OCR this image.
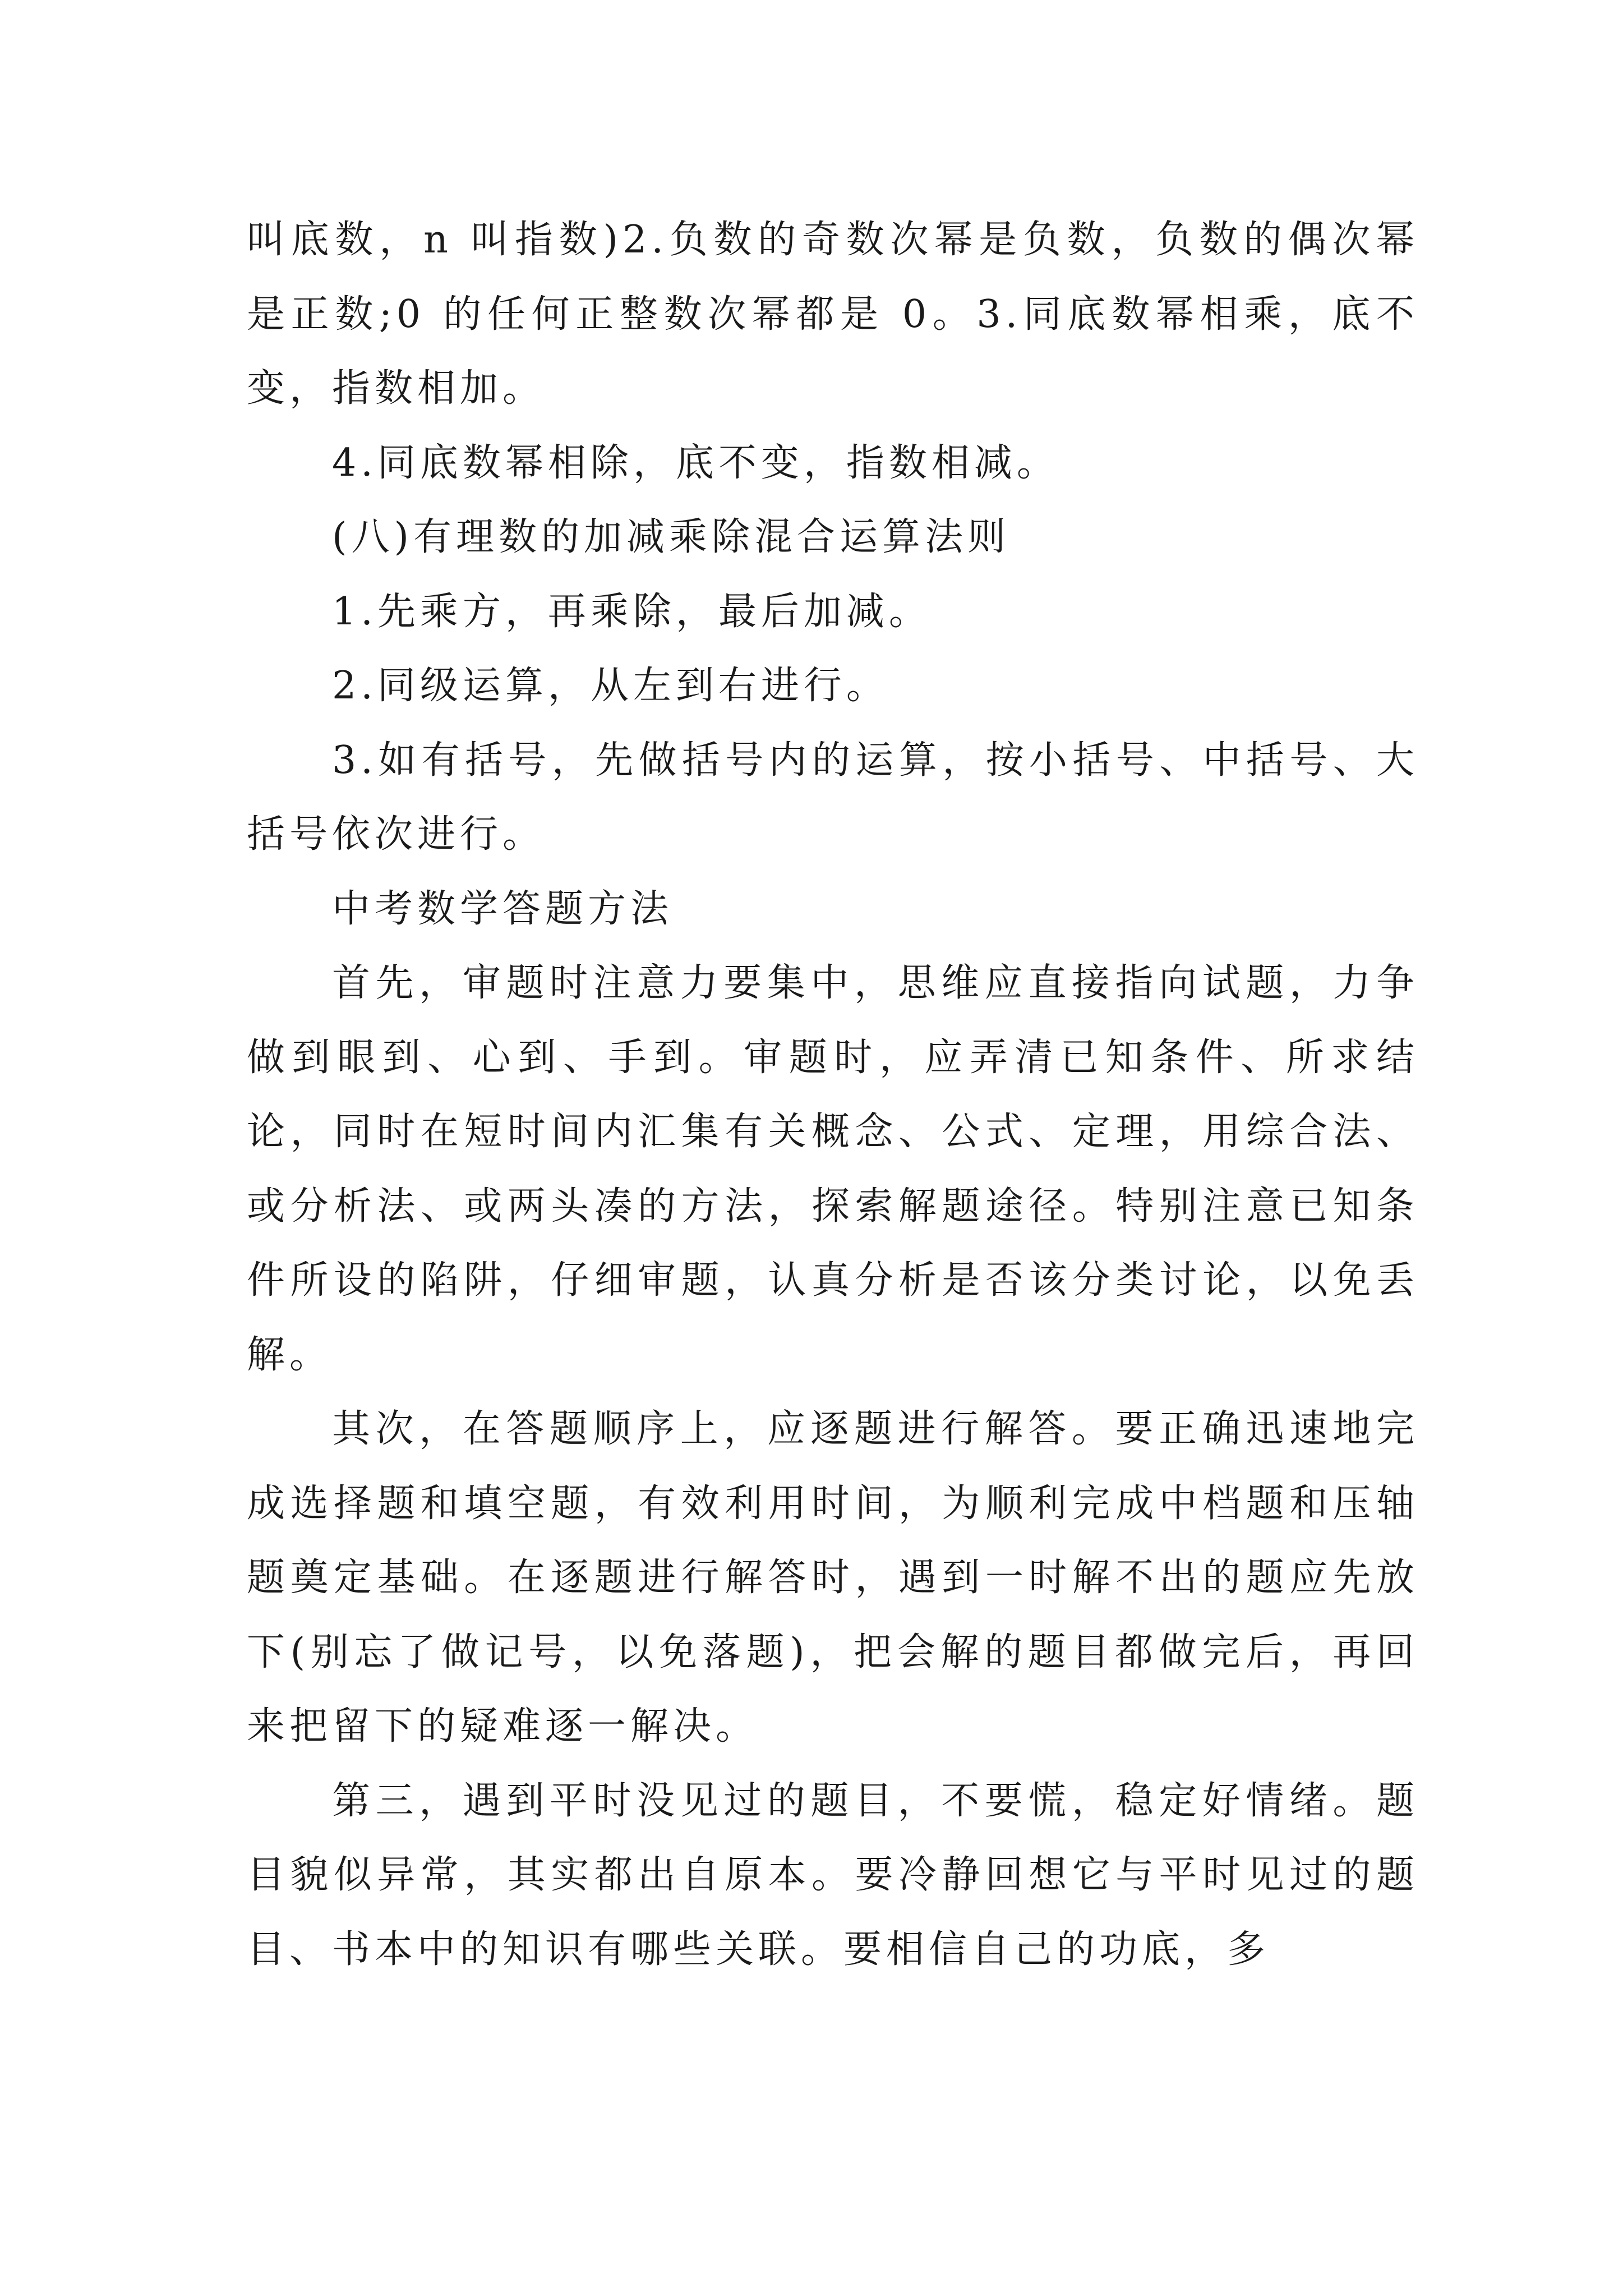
叫底数，n 叫指数)2.负数的奇数次幂是负数，负数的偶次幂是正数;0 的任何正整数次幂都是 0。3.同底数幂相乘，底不变，指数相加。

4.同底数幂相除，底不变，指数相减。

(八)有理数的加减乘除混合运算法则

1.先乘方，再乘除，最后加减。

2.同级运算，从左到右进行。

3.如有括号，先做括号内的运算，按小括号、中括号、大括号依次进行。

中考数学答题方法

首先，审题时注意力要集中，思维应直接指向试题，力争做到眼到、心到、手到。审题时，应弄清已知条件、所求结论，同时在短时间内汇集有关概念、公式、定理，用综合法、或分析法、或两头凑的方法，探索解题途径。特别注意已知条件所设的陷阱，仔细审题，认真分析是否该分类讨论，以免丢解。

其次，在答题顺序上，应逐题进行解答。要正确迅速地完成选择题和填空题，有效利用时间，为顺利完成中档题和压轴题奠定基础。在逐题进行解答时，遇到一时解不出的题应先放下(别忘了做记号，以免落题)，把会解的题目都做完后，再回来把留下的疑难逐一解决。

第三，遇到平时没见过的题目，不要慌，稳定好情绪。题目貌似异常，其实都出自原本。要冷静回想它与平时见过的题目、书本中的知识有哪些关联。要相信自己的功底，多
